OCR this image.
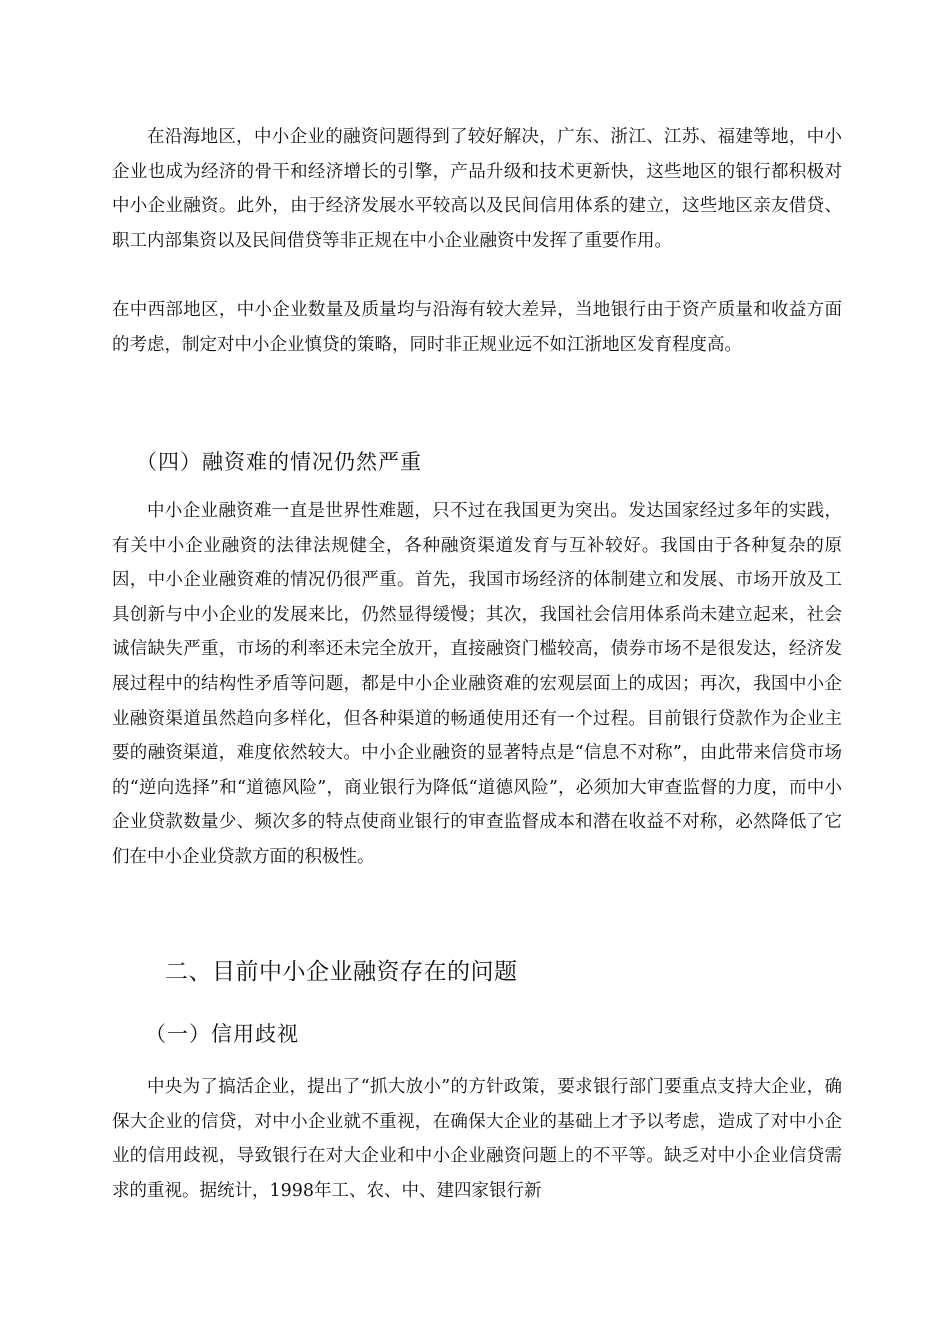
在沿海地区，中小企业的融资问题得到了较好解决，广东、浙江、江苏、福建等地，中小企业也成为经济的骨干和经济增长的引擎，产品升级和技术更新快，这些地区的银行都积极对中小企业融资。此外，由于经济发展水平较高以及民间信用体系的建立，这些地区亲友借贷、职工内部集资以及民间借贷等非正规在中小企业融资中发挥了重要作用。

在中西部地区，中小企业数量及质量均与沿海有较大差异，当地银行由于资产质量和收益方面的考虑，制定对中小企业慎贷的策略，同时非正规业远不如江浙地区发育程度高。

（四）融资难的情况仍然严重

中小企业融资难一直是世界性难题，只不过在我国更为突出。发达国家经过多年的实践，有关中小企业融资的法律法规健全，各种融资渠道发育与互补较好。我国由于各种复杂的原因，中小企业融资难的情况仍很严重。首先，我国市场经济的体制建立和发展、市场开放及工具创新与中小企业的发展来比，仍然显得缓慢；其次，我国社会信用体系尚未建立起来，社会诚信缺失严重，市场的利率还未完全放开，直接融资门槛较高，债券市场不是很发达，经济发展过程中的结构性矛盾等问题，都是中小企业融资难的宏观层面上的成因；再次，我国中小企业融资渠道虽然趋向多样化，但各种渠道的畅通使用还有一个过程。目前银行贷款作为企业主要的融资渠道，难度依然较大。中小企业融资的显著特点是“信息不对称”，由此带来信贷市场的“逆向选择”和“道德风险”，商业银行为降低“道德风险”，必须加大审查监督的力度，而中小企业贷款数量少、频次多的特点使商业银行的审查监督成本和潜在收益不对称，必然降低了它们在中小企业贷款方面的积极性。

二、目前中小企业融资存在的问题
（一）信用歧视

中央为了搞活企业，提出了“抓大放小”的方针政策，要求银行部门要重点支持大企业，确保大企业的信贷，对中小企业就不重视，在确保大企业的基础上才予以考虑，造成了对中小企业的信用歧视，导致银行在对大企业和中小企业融资问题上的不平等。缺乏对中小企业信贷需求的重视。据统计，1998年工、农、中、建四家银行新
